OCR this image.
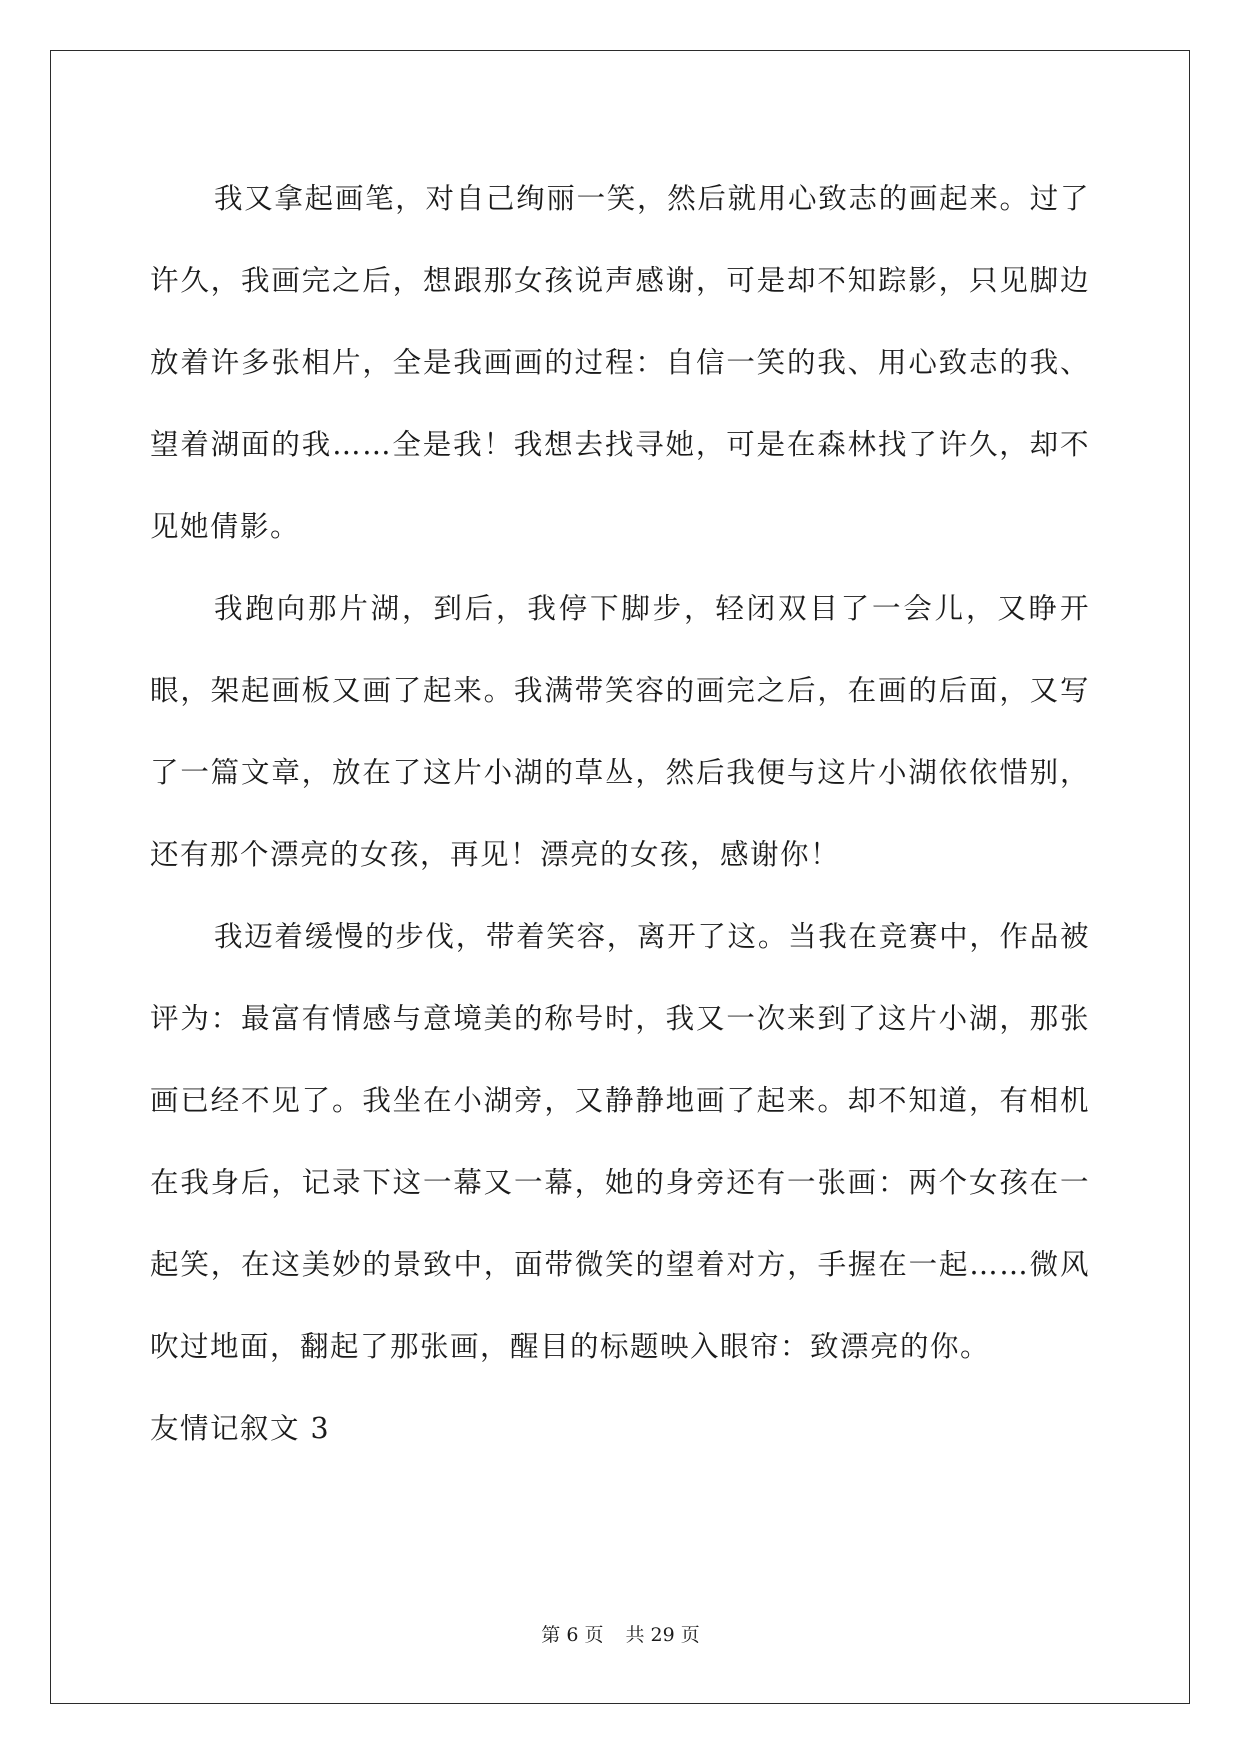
我又拿起画笔，对自己绚丽一笑，然后就用心致志的画起来。过了许久，我画完之后，想跟那女孩说声感谢，可是却不知踪影，只见脚边放着许多张相片，全是我画画的过程：自信一笑的我、用心致志的我、望着湖面的我……全是我！我想去找寻她，可是在森林找了许久，却不见她倩影。

我跑向那片湖，到后，我停下脚步，轻闭双目了一会儿，又睁开眼，架起画板又画了起来。我满带笑容的画完之后，在画的后面，又写了一篇文章，放在了这片小湖的草丛，然后我便与这片小湖依依惜别，还有那个漂亮的女孩，再见！漂亮的女孩，感谢你！

我迈着缓慢的步伐，带着笑容，离开了这。当我在竞赛中，作品被评为：最富有情感与意境美的称号时，我又一次来到了这片小湖，那张画已经不见了。我坐在小湖旁，又静静地画了起来。却不知道，有相机在我身后，记录下这一幕又一幕，她的身旁还有一张画：两个女孩在一起笑，在这美妙的景致中，面带微笑的望着对方，手握在一起……微风吹过地面，翻起了那张画，醒目的标题映入眼帘：致漂亮的你。

友情记叙文 3

第 6 页 共 29 页
